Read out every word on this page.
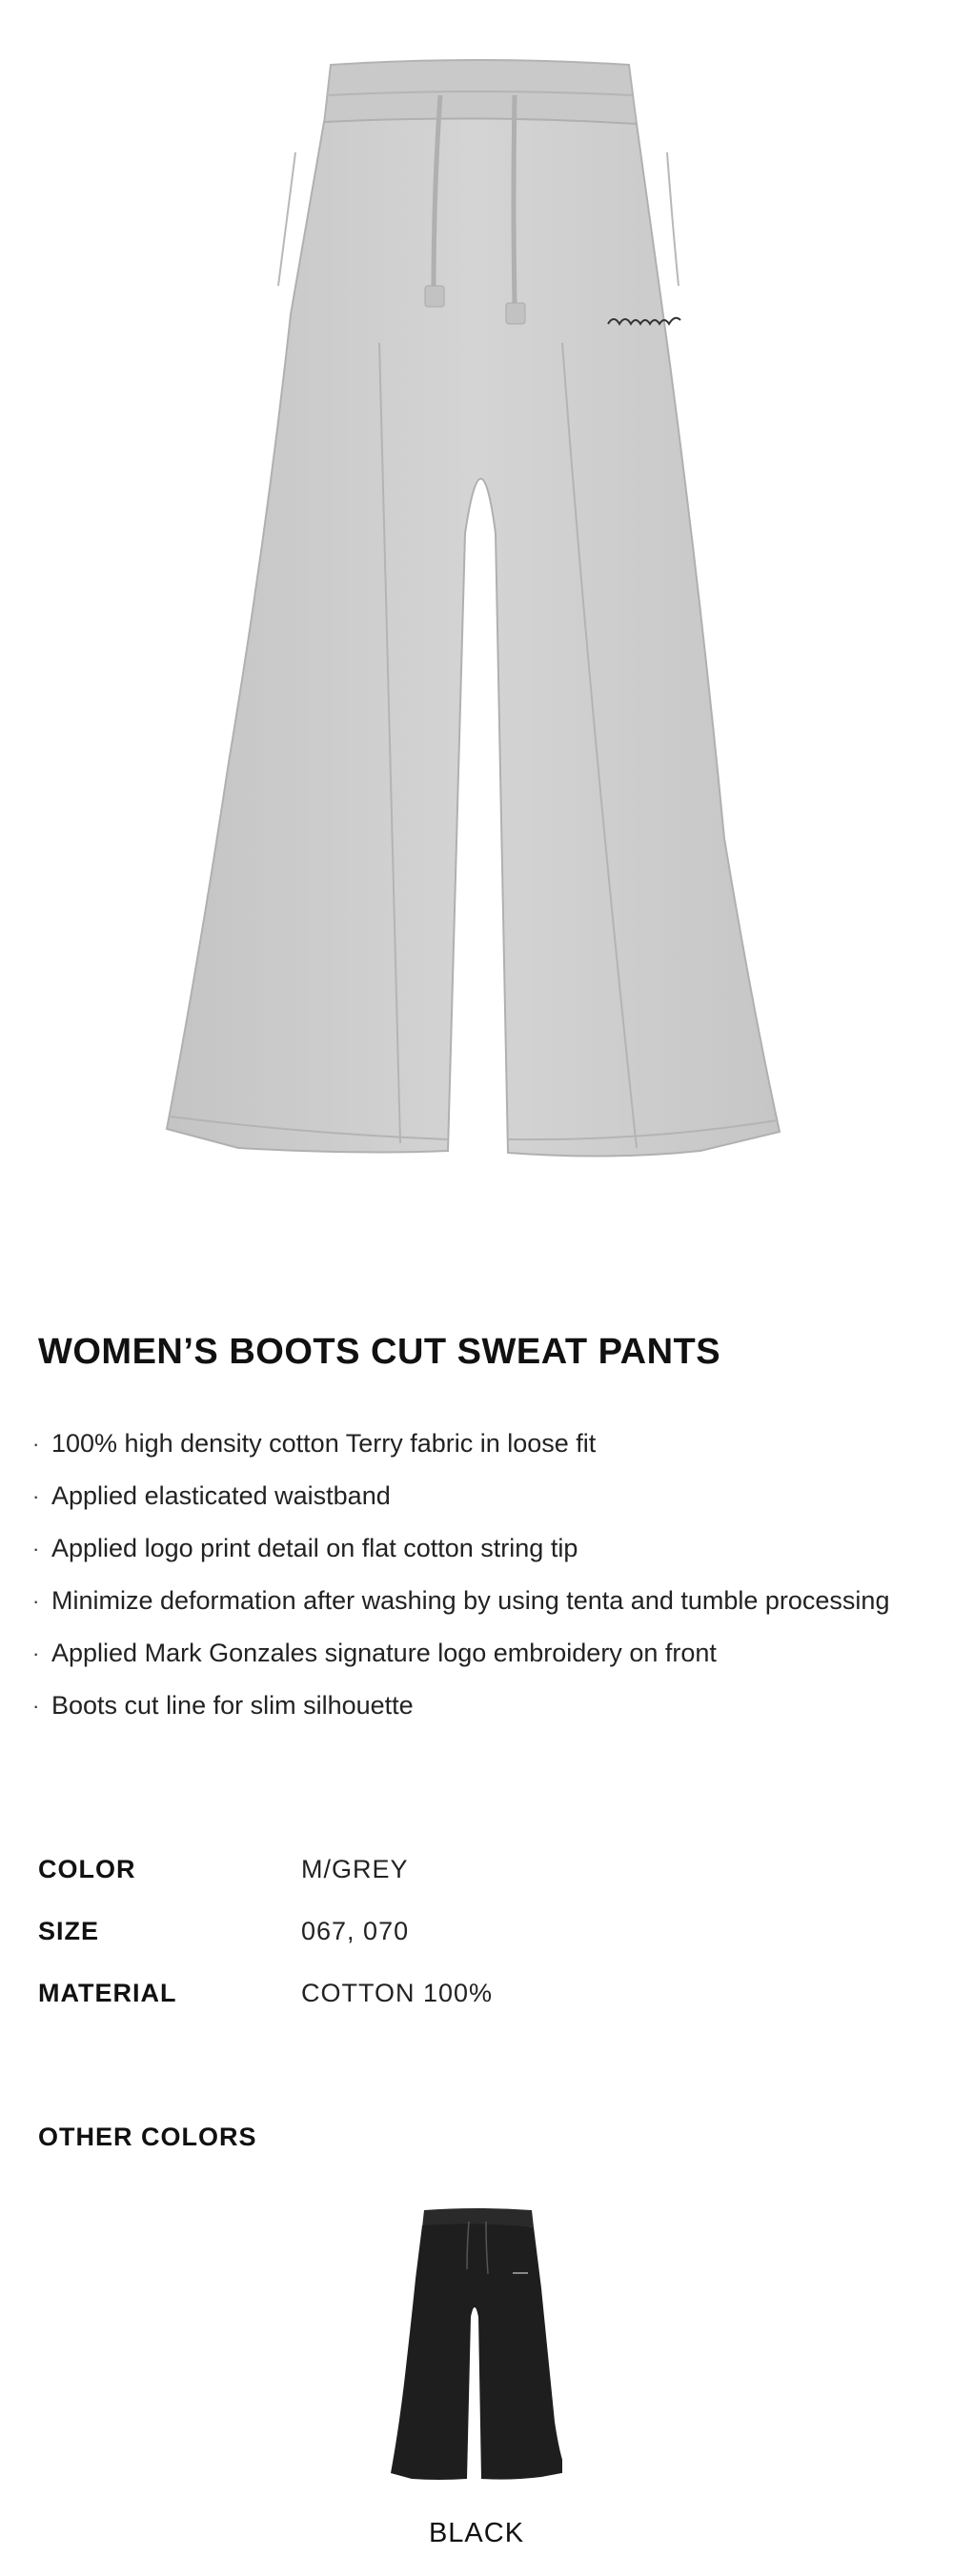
WOMEN’S BOOTS CUT SWEAT PANTS
· 100% high density cotton Terry fabric in loose fit
· Applied elasticated waistband
· Applied logo print detail on flat cotton string tip
· Minimize deformation after washing by using tenta and tumble processing
· Applied Mark Gonzales signature logo embroidery on front
· Boots cut line for slim silhouette
COLOR	M/GREY
SIZE	067, 070
MATERIAL	COTTON 100%
OTHER COLORS
BLACK
